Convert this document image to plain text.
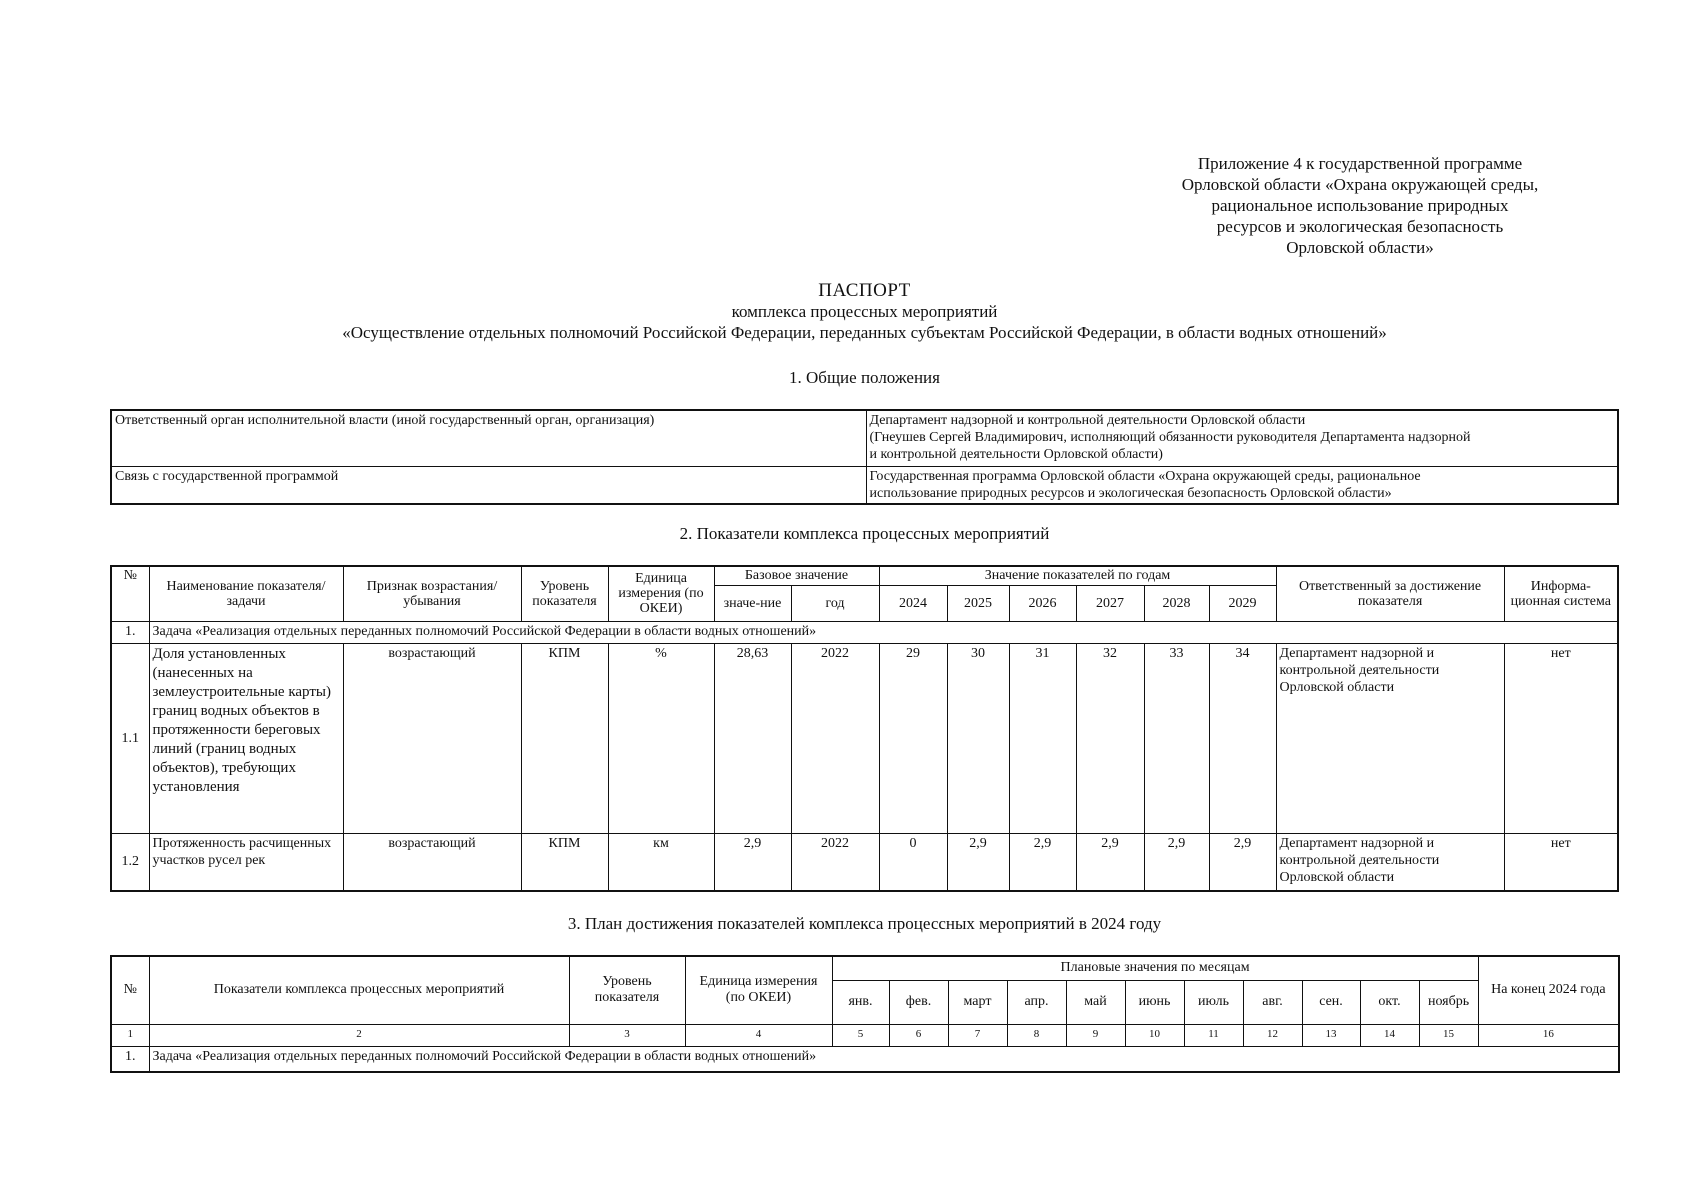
Приложение 4 к государственной программе
Орловской области «Охрана окружающей среды,
рациональное использование природных
ресурсов и экологическая безопасность
Орловской области»
ПАСПОРТ
комплекса процессных мероприятий
«Осуществление отдельных полномочий Российской Федерации, переданных субъектам Российской Федерации, в области водных отношений»
1. Общие положения
Ответственный орган исполнительной власти (иной государственный орган, организация)	Департамент надзорной и контрольной деятельности Орловской области
(Гнеушев Сергей Владимирович, исполняющий обязанности руководителя Департамента надзорной
и контрольной деятельности Орловской области)

Связь с государственной программой	Государственная программа Орловской области «Охрана окружающей среды, рациональное
использование природных ресурсов и экологическая безопасность Орловской области»
2. Показатели комплекса процессных мероприятий
№	Наименование показателя/задачи	Признак возрастания/убывания	Уровень показателя	Единица измерения (по ОКЕИ)	Базовое значение		Значение показателей по годам						Ответственный за достижение показателя	Информа-ционная система
					значе-ние	год	2024	2025	2026	2027	2028	2029		
1.	Задача «Реализация отдельных переданных полномочий Российской Федерации в области водных отношений»													
1.1	Доля установленных (нанесенных на землеустроительные карты) границ водных объектов в протяженности береговых линий (границ водных объектов), требующих установления	возрастающий	КПМ	%	28,63	2022	29	30	31	32	33	34	Департамент надзорной и контрольной деятельности Орловской области	нет
1.2	Протяженность расчищенных участков русел рек	возрастающий	КПМ	км	2,9	2022	0	2,9	2,9	2,9	2,9	2,9	Департамент надзорной и контрольной деятельности Орловской области	нет
3. План достижения показателей комплекса процессных мероприятий в 2024 году
№	Показатели комплекса процессных мероприятий	Уровень показателя	Единица измерения (по ОКЕИ)	Плановые значения по месяцам											На конец 2024 года
				янв.	фев.	март	апр.	май	июнь	июль	авг.	сен.	окт.	ноябрь	
1	2	3	4	5	6	7	8	9	10	11	12	13	14	15	16
1.	Задача «Реализация отдельных переданных полномочий Российской Федерации в области водных отношений»														
